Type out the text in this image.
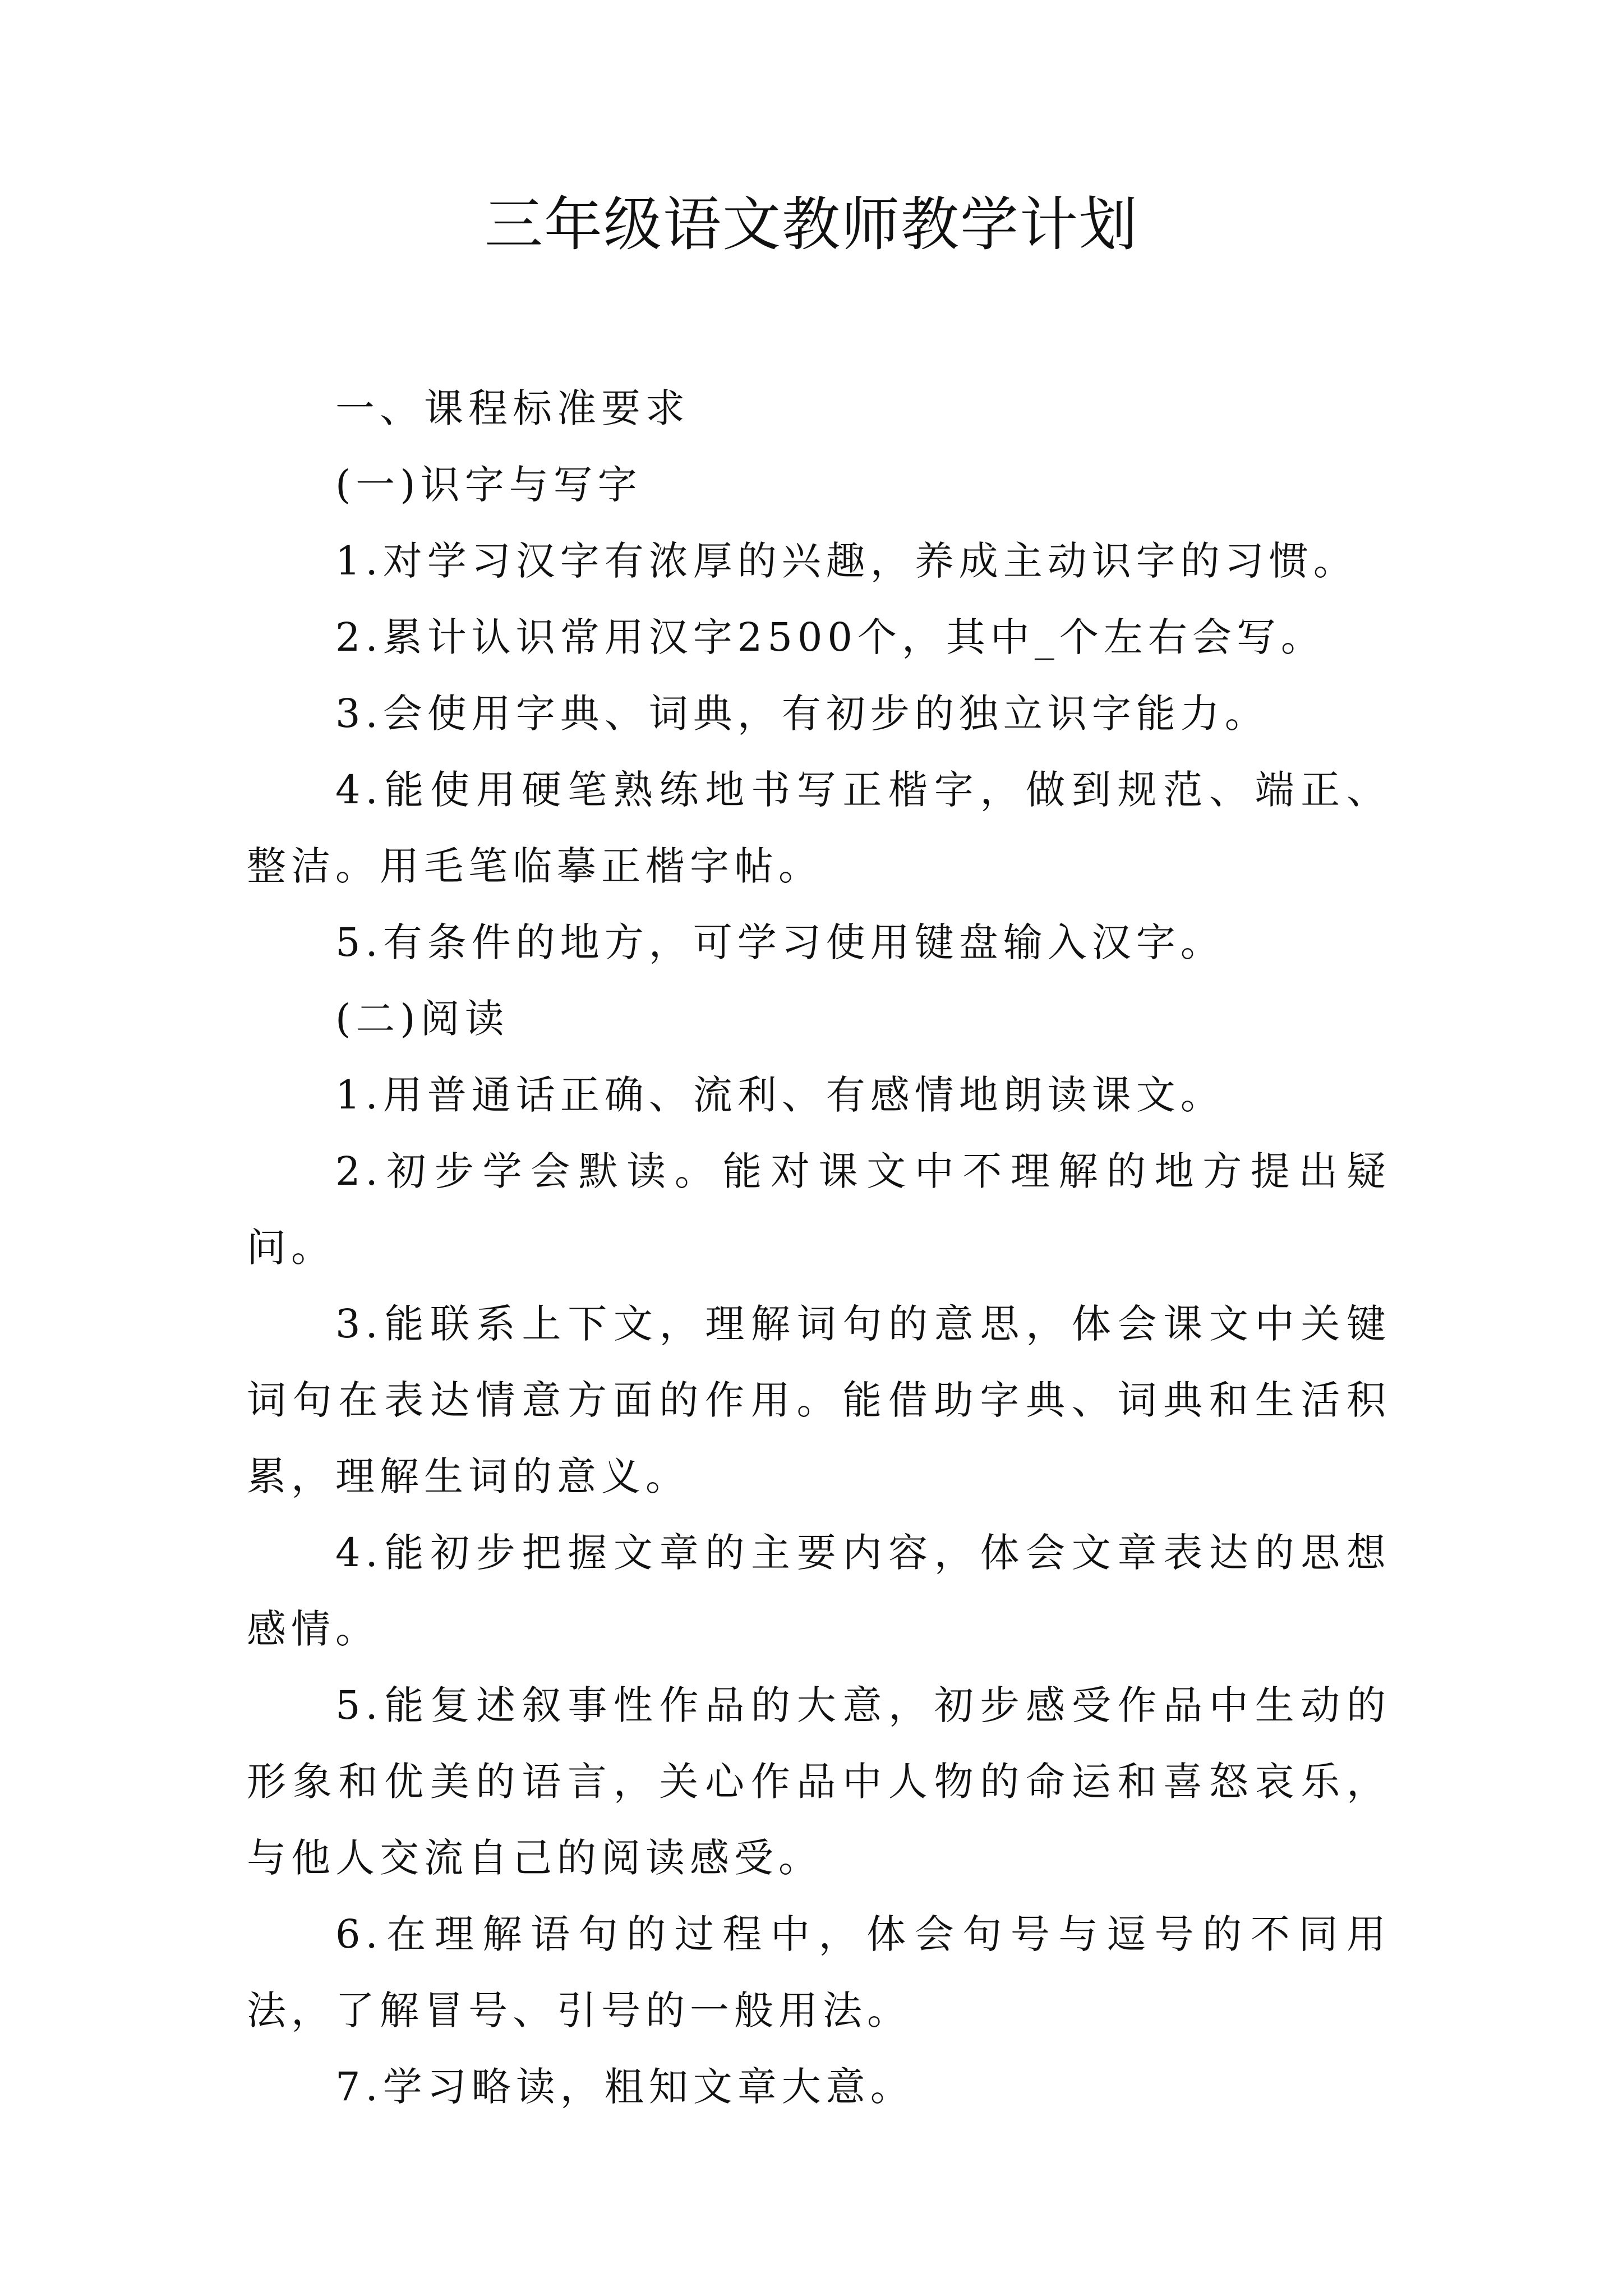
三年级语文教师教学计划

一、课程标准要求

(一)识字与写字

1.对学习汉字有浓厚的兴趣，养成主动识字的习惯。

2.累计认识常用汉字2500个，其中_个左右会写。

3.会使用字典、词典，有初步的独立识字能力。

4.能使用硬笔熟练地书写正楷字，做到规范、端正、整洁。用毛笔临摹正楷字帖。

5.有条件的地方，可学习使用键盘输入汉字。

(二)阅读

1.用普通话正确、流利、有感情地朗读课文。

2.初步学会默读。能对课文中不理解的地方提出疑问。

3.能联系上下文，理解词句的意思，体会课文中关键词句在表达情意方面的作用。能借助字典、词典和生活积累，理解生词的意义。

4.能初步把握文章的主要内容，体会文章表达的思想感情。

5.能复述叙事性作品的大意，初步感受作品中生动的形象和优美的语言，关心作品中人物的命运和喜怒哀乐，与他人交流自己的阅读感受。

6.在理解语句的过程中，体会句号与逗号的不同用法，了解冒号、引号的一般用法。

7.学习略读，粗知文章大意。
